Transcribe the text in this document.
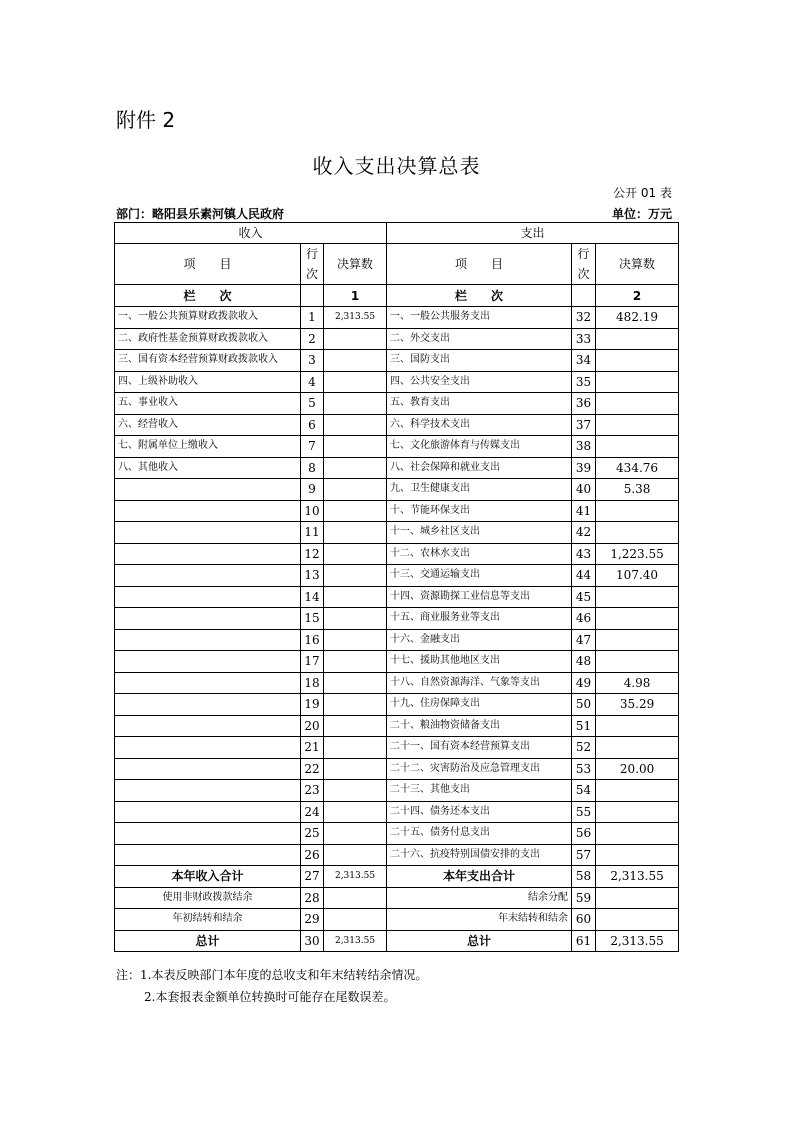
附件 2
收入支出决算总表
公开 01 表
部门：略阳县乐素河镇人民政府	单位：万元
收入			支出		
项　　目	行次	决算数	项　　目	行次	决算数
栏　　次		1	栏　　次		2
一、一般公共预算财政拨款收入	1	2,313.55	一、一般公共服务支出	32	482.19
二、政府性基金预算财政拨款收入	2		二、外交支出	33	
三、国有资本经营预算财政拨款收入	3		三、国防支出	34	
四、上级补助收入	4		四、公共安全支出	35	
五、事业收入	5		五、教育支出	36	
六、经营收入	6		六、科学技术支出	37	
七、附属单位上缴收入	7		七、文化旅游体育与传媒支出	38	
八、其他收入	8		八、社会保障和就业支出	39	434.76
	9		九、卫生健康支出	40	5.38
	10		十、节能环保支出	41	
	11		十一、城乡社区支出	42	
	12		十二、农林水支出	43	1,223.55
	13		十三、交通运输支出	44	107.40
	14		十四、资源勘探工业信息等支出	45	
	15		十五、商业服务业等支出	46	
	16		十六、金融支出	47	
	17		十七、援助其他地区支出	48	
	18		十八、自然资源海洋、气象等支出	49	4.98
	19		十九、住房保障支出	50	35.29
	20		二十、粮油物资储备支出	51	
	21		二十一、国有资本经营预算支出	52	
	22		二十二、灾害防治及应急管理支出	53	20.00
	23		二十三、其他支出	54	
	24		二十四、债务还本支出	55	
	25		二十五、债务付息支出	56	
	26		二十六、抗疫特别国债安排的支出	57	
本年收入合计	27	2,313.55	本年支出合计	58	2,313.55
使用非财政拨款结余	28		结余分配	59	
年初结转和结余	29		年末结转和结余	60	
总计	30	2,313.55	总计	61	2,313.55
注：1.本表反映部门本年度的总收支和年末结转结余情况。
2.本套报表金额单位转换时可能存在尾数误差。
